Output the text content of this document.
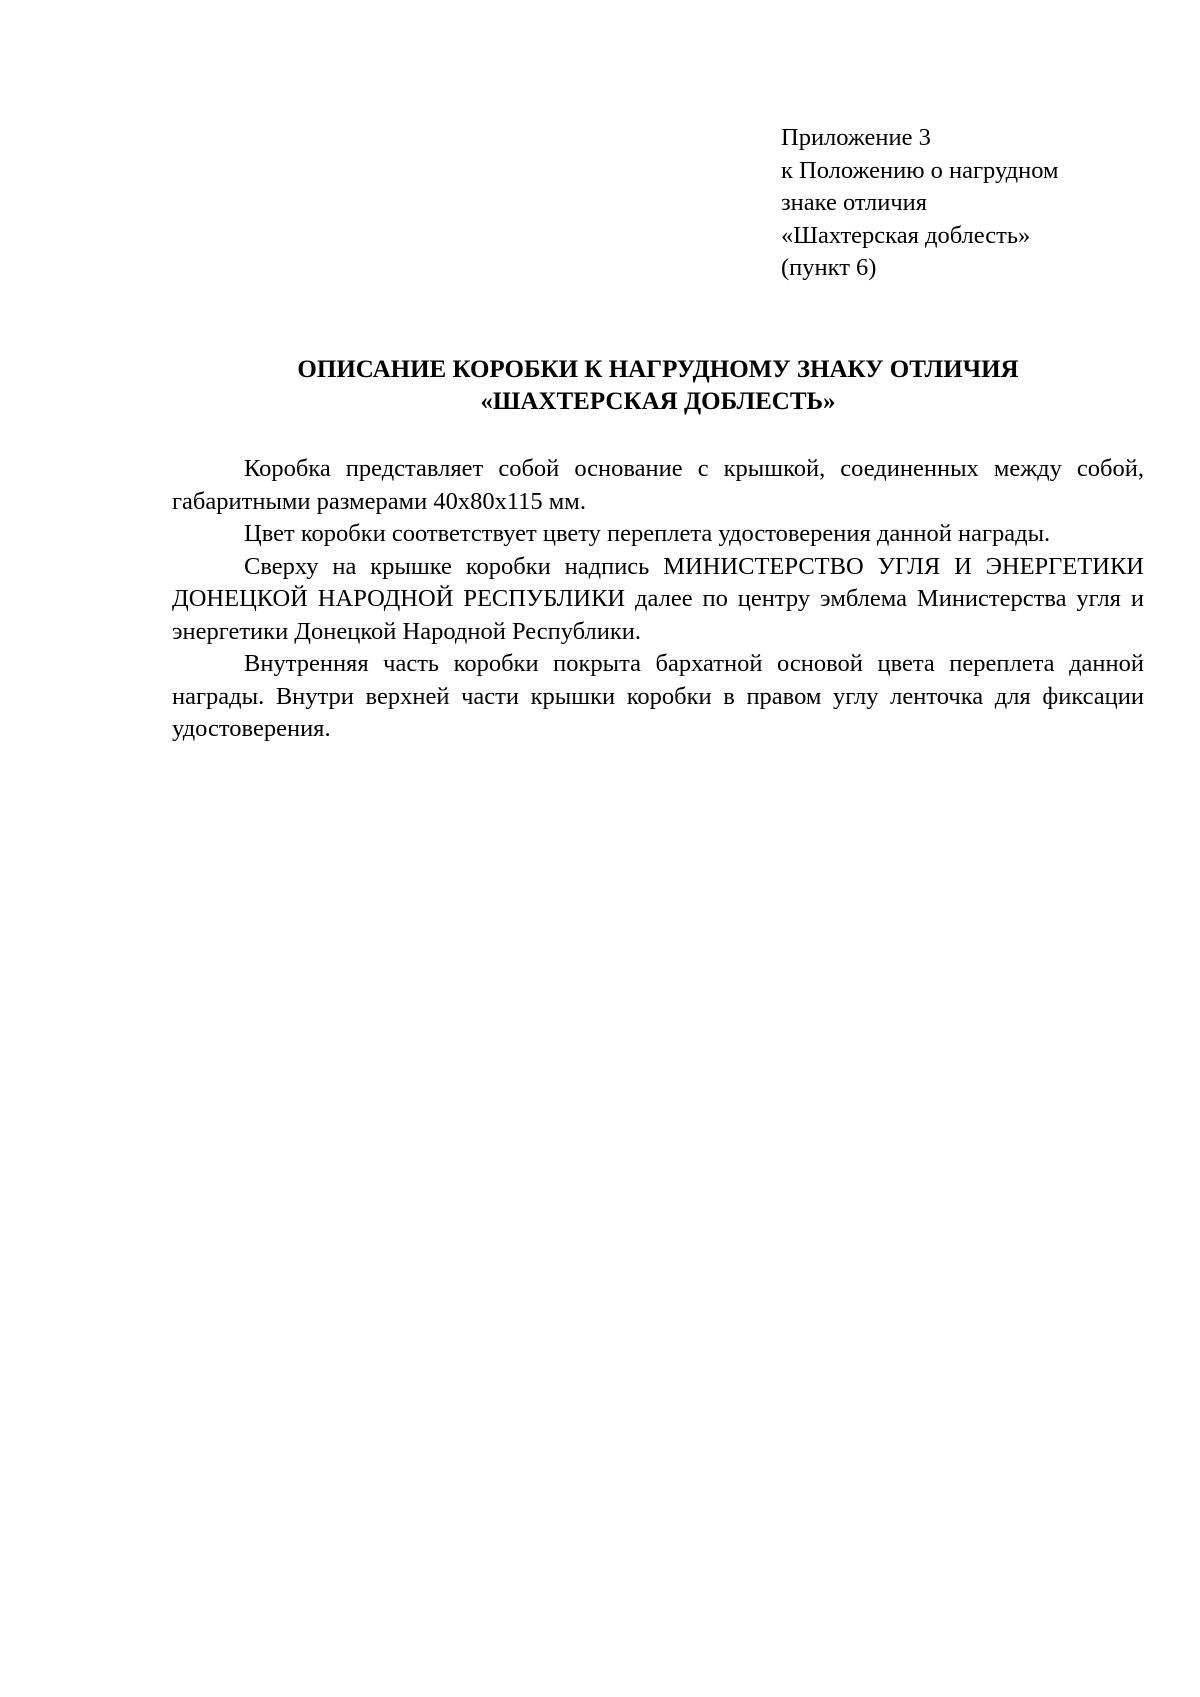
Приложение 3
к Положению о нагрудном
знаке отличия
«Шахтерская доблесть»
(пункт 6)
ОПИСАНИЕ КОРОБКИ К НАГРУДНОМУ ЗНАКУ ОТЛИЧИЯ
«ШАХТЕРСКАЯ ДОБЛЕСТЬ»

Коробка представляет собой основание с крышкой, соединенных между собой, габаритными размерами 40х80х115 мм.

Цвет коробки соответствует цвету переплета удостоверения данной награды.

Сверху на крышке коробки надпись МИНИСТЕРСТВО УГЛЯ И ЭНЕРГЕТИКИ ДОНЕЦКОЙ НАРОДНОЙ РЕСПУБЛИКИ далее по центру эмблема Министерства угля и энергетики Донецкой Народной Республики.

Внутренняя часть коробки покрыта бархатной основой цвета переплета данной награды. Внутри верхней части крышки коробки в правом углу ленточка для фиксации удостоверения.
